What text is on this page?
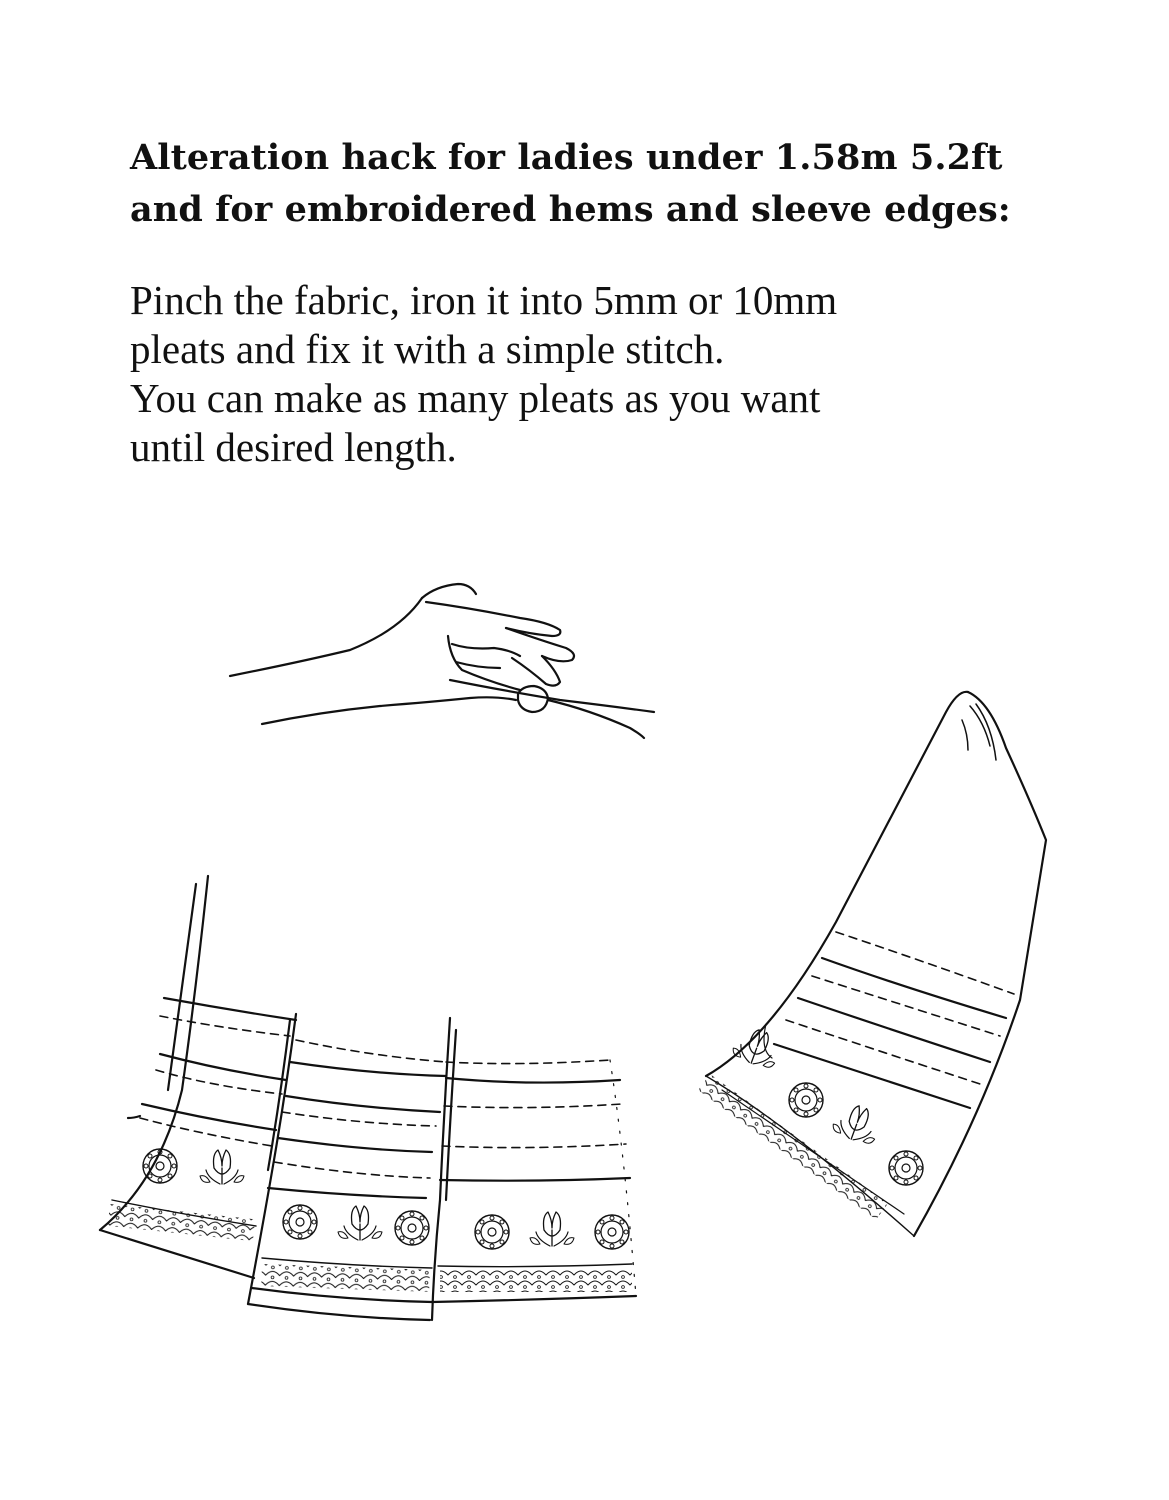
Alteration hack for ladies under 1.58m 5.2ft
and for embroidered hems and sleeve edges:

Pinch the fabric, iron it into 5mm or 10mm
pleats and fix it with a simple stitch.
You can make as many pleats as you want
until desired length.
